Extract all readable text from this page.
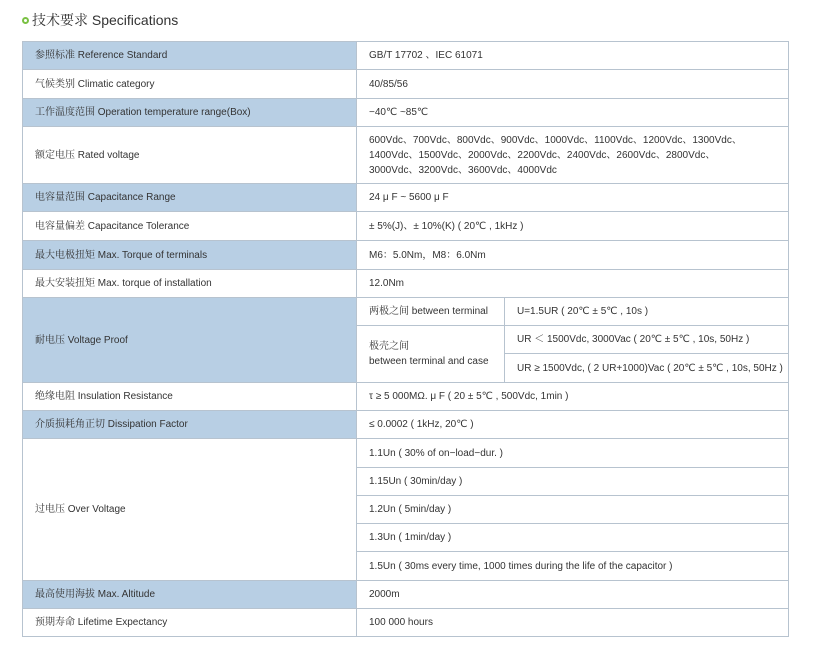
技术要求 Specifications
参照标准 Reference Standard	GB/T 17702 、IEC 61071	
气候类别 Climatic category	40/85/56	
工作温度范围 Operation temperature range(Box)	−40℃ ~85℃	
额定电压 Rated voltage	600Vdc、700Vdc、800Vdc、900Vdc、1000Vdc、1100Vdc、1200Vdc、1300Vdc、
1400Vdc、1500Vdc、2000Vdc、2200Vdc、2400Vdc、2600Vdc、2800Vdc、
3000Vdc、3200Vdc、3600Vdc、4000Vdc	

电容量范围 Capacitance Range	24 μ F ~ 5600 μ F	
电容量偏差 Capacitance Tolerance	± 5%(J)、± 10%(K) ( 20℃ , 1kHz )	
最大电极扭矩 Max. Torque of terminals	M6：5.0Nm，M8：6.0Nm	
最大安装扭矩 Max. torque of installation	12.0Nm	
耐电压 Voltage Proof	两极之间 between terminal	U=1.5UR ( 20℃ ± 5℃ , 10s )

	极壳之间
between terminal and case	UR ＜ 1500Vdc, 3000Vac ( 20℃ ± 5℃ , 10s, 50Hz )
		UR ≥ 1500Vdc, ( 2 UR+1000)Vac ( 20℃ ± 5℃ , 10s, 50Hz )
绝缘电阻 Insulation Resistance	τ ≥ 5 000MΩ. μ F ( 20 ± 5℃ , 500Vdc, 1min )	
介质损耗角正切 Dissipation Factor	≤ 0.0002 ( 1kHz, 20℃ )	
过电压 Over Voltage	1.1Un ( 30% of on−load−dur. )	
	1.15Un ( 30min/day )	
	1.2Un ( 5min/day )	
	1.3Un ( 1min/day )	
	1.5Un ( 30ms every time, 1000 times during the life of the capacitor )	
最高使用海拔 Max. Altitude	2000m	
预期寿命 Lifetime Expectancy	100 000 hours	
